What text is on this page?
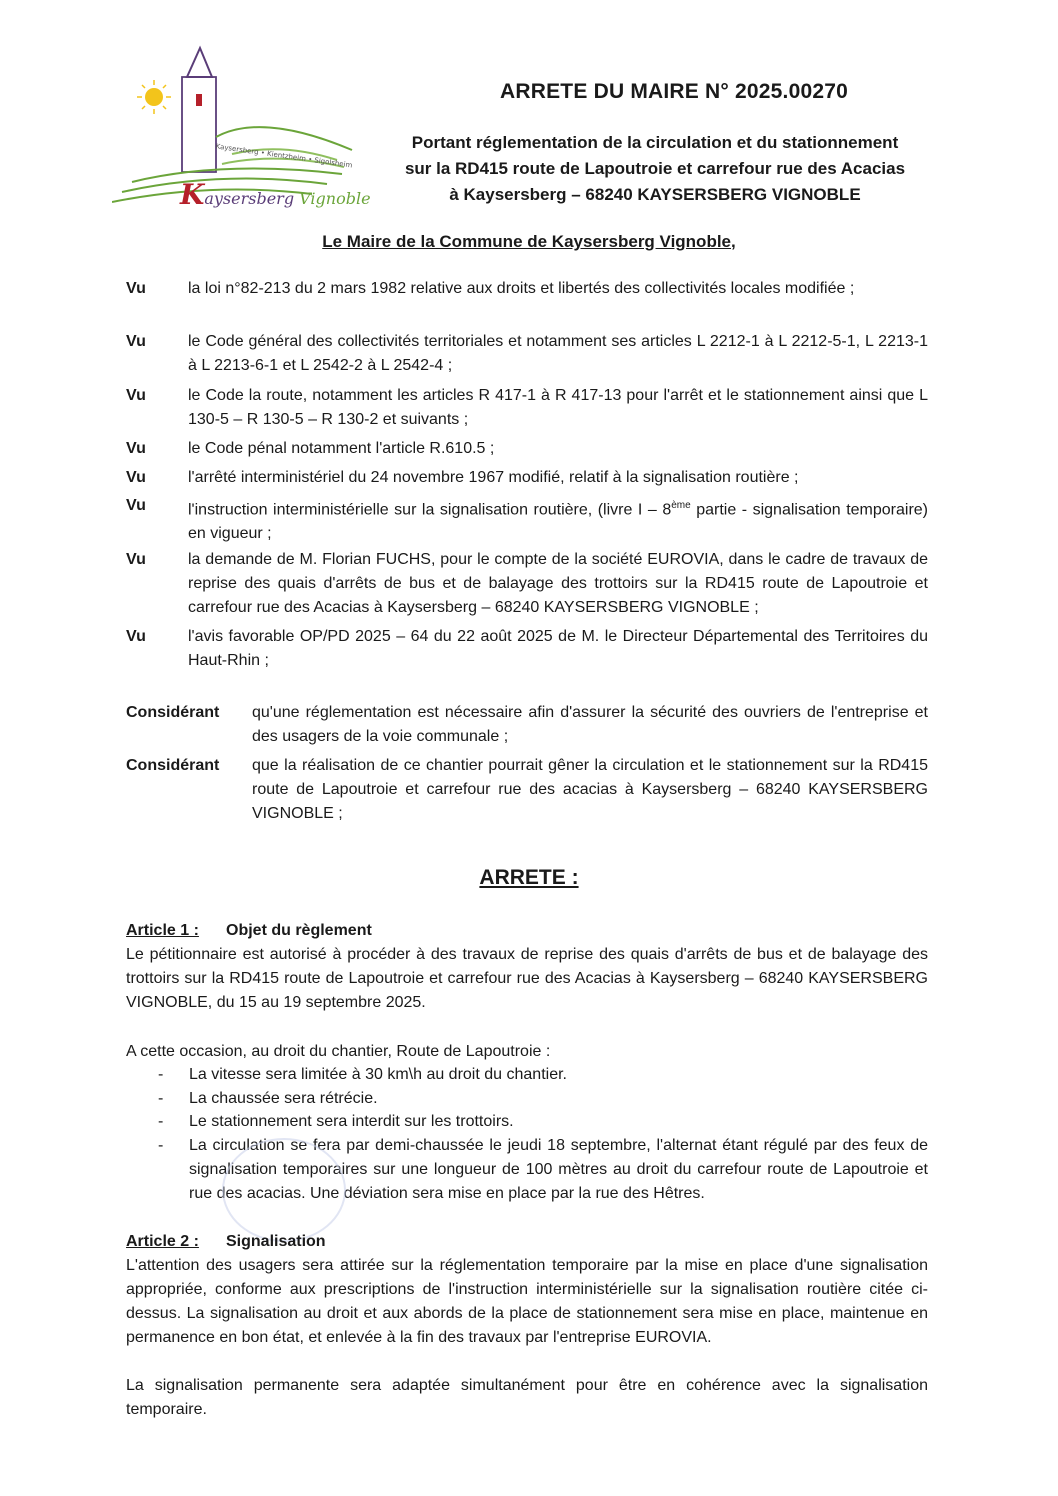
Kaysersberg • Kientzheim • Sigolsheim
Kaysersberg Vignoble
ARRETE DU MAIRE N° 2025.00270
Portant réglementation de la circulation et du stationnement
sur la RD415 route de Lapoutroie et carrefour rue des Acacias
à Kaysersberg – 68240 KAYSERSBERG VIGNOBLE
Le Maire de la Commune de Kaysersberg Vignoble,
Vu	la loi n°82-213 du 2 mars 1982 relative aux droits et libertés des collectivités locales modifiée ;
Vu	le Code général des collectivités territoriales et notamment ses articles L 2212-1 à L 2212-5-1, L 2213-1 à L 2213-6-1 et L 2542-2 à L 2542-4 ;
Vu	le Code la route, notamment les articles R 417-1 à R 417-13 pour l'arrêt et le stationnement ainsi que L 130-5 – R 130-5 – R 130-2 et suivants ;
Vu	le Code pénal notamment l'article R.610.5 ;
Vu	l'arrêté interministériel du 24 novembre 1967 modifié, relatif à la signalisation routière ;
Vu	l'instruction interministérielle sur la signalisation routière, (livre I – 8ème partie - signalisation temporaire) en vigueur ;
Vu	la demande de M. Florian FUCHS, pour le compte de la société EUROVIA, dans le cadre de travaux de reprise des quais d'arrêts de bus et de balayage des trottoirs sur la RD415 route de Lapoutroie et carrefour rue des Acacias à Kaysersberg – 68240 KAYSERSBERG VIGNOBLE ;
Vu	l'avis favorable OP/PD 2025 – 64 du 22 août 2025 de M. le Directeur Départemental des Territoires du Haut-Rhin ;
Considérant qu'une réglementation est nécessaire afin d'assurer la sécurité des ouvriers de l'entreprise et des usagers de la voie communale ;
Considérant que la réalisation de ce chantier pourrait gêner la circulation et le stationnement sur la RD415 route de Lapoutroie et carrefour rue des acacias à Kaysersberg – 68240 KAYSERSBERG VIGNOBLE ;
ARRETE :
Article 1 : Objet du règlement
Le pétitionnaire est autorisé à procéder à des travaux de reprise des quais d'arrêts de bus et de balayage des trottoirs sur la RD415 route de Lapoutroie et carrefour rue des Acacias à Kaysersberg – 68240 KAYSERSBERG VIGNOBLE, du 15 au 19 septembre 2025.
A cette occasion, au droit du chantier, Route de Lapoutroie :
- La vitesse sera limitée à 30 km\h au droit du chantier.
- La chaussée sera rétrécie.
- Le stationnement sera interdit sur les trottoirs.
- La circulation se fera par demi-chaussée le jeudi 18 septembre, l'alternat étant régulé par des feux de signalisation temporaires sur une longueur de 100 mètres au droit du carrefour route de Lapoutroie et rue des acacias. Une déviation sera mise en place par la rue des Hêtres.
Article 2 : Signalisation
L'attention des usagers sera attirée sur la réglementation temporaire par la mise en place d'une signalisation appropriée, conforme aux prescriptions de l'instruction interministérielle sur la signalisation routière citée ci-dessus. La signalisation au droit et aux abords de la place de stationnement sera mise en place, maintenue en permanence en bon état, et enlevée à la fin des travaux par l'entreprise EUROVIA.
La signalisation permanente sera adaptée simultanément pour être en cohérence avec la signalisation temporaire.
